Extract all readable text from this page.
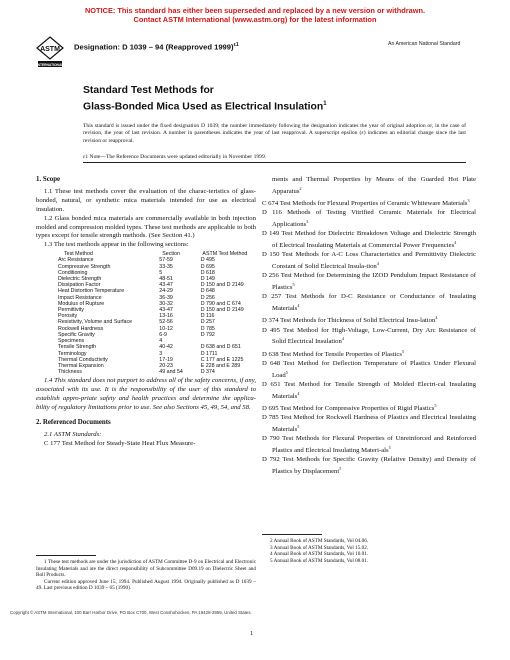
NOTICE: This standard has either been superseded and replaced by a new version or withdrawn.
Contact ASTM International (www.astm.org) for the latest information
ASTM
INTERNATIONAL
Designation: D 1039 – 94 (Reapproved 1999)$^{\varepsilon 1}$	An American National Standard
Standard Test Methods for
Glass-Bonded Mica Used as Electrical Insulation$^1$
This standard is issued under the fixed designation D 1039; the number immediately following the designation indicates the year of original adoption or, in the case of revision, the year of last revision. A number in parentheses indicates the year of last reapproval. A superscript epsilon (ε) indicates an editorial change since the last revision or reapproval.
ε1 Note—The Reference Documents were updated editorially in November 1999.

1. Scope

1.1 These test methods cover the evaluation of the charac-teristics of glass-bonded, natural, or synthetic mica materials intended for use as electrical insulation.

1.2 Glass bonded mica materials are commercially available in both injection molded and compression molded types. These test methods are applicable to both types except for tensile strength methods. (See Section 41.)

1.3 The test methods appear in the following sections:

Test Method	Section	ASTM Test Method
Arc Resistance	57-59	D 495
Compressive Strength	33-35	D 695
Conditioning	5	D 618
Dielectric Strength	48-51	D 149
Dissipation Factor	43-47	D 150 and D 2149
Heat Distortion Temperature	24-29	D 648
Impact Resistance	36-39	D 256
Modulus of Rupture	30-32	D 790 and C 674
Permittivity	43-47	D 150 and D 2149
Porosity	13-16	D 116
Resistivity, Volume and Surface	52-56	D 257
Rockwell Hardness	10-12	D 785
Specific Gravity	6-9	D 792
Specimens	4
Tensile Strength	40-42	D 638 and D 651
Terminology	3	D 1711
Thermal Conductivity	17-19	C 177 and E 1225
Thermal Expansion	20-23	E 228 and E 289
Thickness	49 and 54	D 374

1.4 This standard does not purport to address all of the safety concerns, if any, associated with its use. It is the responsibility of the user of this standard to establish appro-priate safety and health practices and determine the applica-bility of regulatory limitations prior to use. See also Sections 45, 49, 54, and 58.

2. Referenced Documents

2.1 ASTM Standards:

C 177 Test Method for Steady-State Heat Flux Measure-

1 These test methods are under the jurisdiction of ASTM Committee D-9 on Electrical and Electronic Insulating Materials and are the direct responsibility of Subcommittee D09.19 on Dielectric Sheet and Roll Products.
Current edition approved June 15, 1994. Published August 1994. Originally published as D 1039 – 49. Last previous edition D 1039 – 65 (1990).

ments and Thermal Properties by Means of the Guarded Hot Plate Apparatus$^2$

C 674 Test Methods for Flexural Properties of Ceramic Whiteware Materials$^3$

D 116 Methods of Testing Vitrified Ceramic Materials for Electrical Applications$^3$

D 149 Test Method for Dielectric Breakdown Voltage and Dielectric Strength of Electrical Insulating Materials at Commercial Power Frequencies$^4$

D 150 Test Methods for A-C Loss Characteristics and Permittivity Dielectric Constant of Solid Electrical Insula-tion$^4$

D 256 Test Method for Determining the IZOD Pendulum Impact Resistance of Plastics$^5$

D 257 Test Methods for D-C Resistance or Conductance of Insulating Materials$^4$

D 374 Test Methods for Thickness of Solid Electrical Insu-lation$^4$

D 495 Test Method for High-Voltage, Low-Current, Dry Arc Resistance of Solid Electrical Insulation$^4$

D 638 Test Method for Tensile Properties of Plastics$^5$

D 648 Test Method for Deflection Temperature of Plastics Under Flexural Load$^5$

D 651 Test Method for Tensile Strength of Molded Electri-cal Insulating Materials$^4$

D 695 Test Method for Compressive Properties of Rigid Plastics$^5$

D 785 Test Method for Rockwell Hardness of Plastics and Electrical Insulating Materials$^5$

D 790 Test Methods for Flexural Properties of Unreinforced and Reinforced Plastics and Electrical Insulating Materi-als$^5$

D 792 Test Methods for Specific Gravity (Relative Density) and Density of Plastics by Displacement$^5$

2 Annual Book of ASTM Standards, Vol 04.06.
3 Annual Book of ASTM Standards, Vol 15.02.
4 Annual Book of ASTM Standards, Vol 10.01.
5 Annual Book of ASTM Standards, Vol 08.01.
Copyright © ASTM International, 100 Barr Harbor Drive, PO Box C700, West Conshohocken, PA 19428-2959, United States.
1
